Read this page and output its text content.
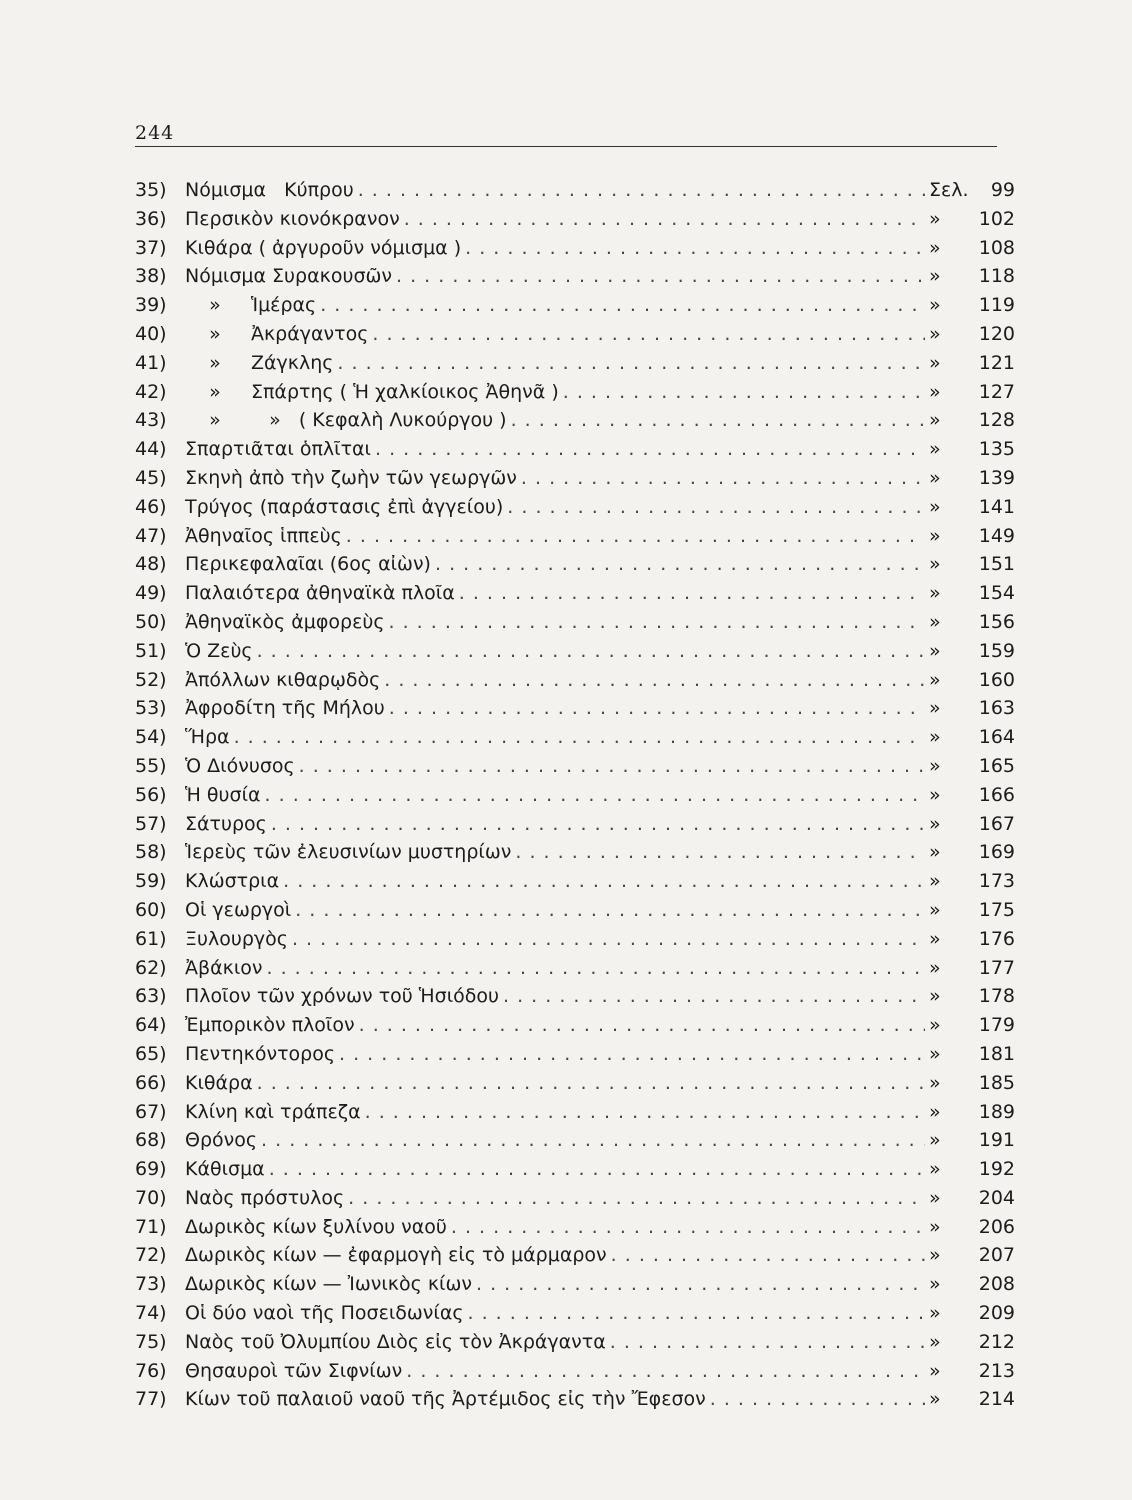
244
35) Νόμισμα   Κύπρου . . .	Σελ.	99
36) Περσικὸν κιονόκρανον . . .	»	102
37) Κιθάρα ( ἀργυροῦν νόμισμα ) . . .	»	108
38) Νόμισμα Συρακουσῶν . . .	»	118
39) »     Ἱμέρας . . .	»	119
40) »     Ἀκράγαντος . . .	»	120
41) »     Ζάγκλης . . .	»	121
42) »     Σπάρτης ( Ἡ χαλκίοικος Ἀθηνᾶ ) . . .	»	127
43) »        »   ( Κεφαλὴ Λυκούργου ) . . .	»	128
44) Σπαρτιᾶται ὁπλῖται . . .	»	135
45) Σκηνὴ ἀπὸ τὴν ζωὴν τῶν γεωργῶν . . .	»	139
46) Τρύγος (παράστασις ἐπὶ ἀγγείου) . . .	»	141
47) Ἀθηναῖος ἱππεὺς . . .	»	149
48) Περικεφαλαῖαι (6ος αἰὼν) . . .	»	151
49) Παλαιότερα ἀθηναϊκὰ πλοῖα . . .	»	154
50) Ἀθηναϊκὸς ἀμφορεὺς . . .	»	156
51) Ὁ Ζεὺς . . .	»	159
52) Ἀπόλλων κιθαρῳδὸς . . .	»	160
53) Ἀφροδίτη τῆς Μήλου . . .	»	163
54) Ἥρα . . .	»	164
55) Ὁ Διόνυσος . . .	»	165
56) Ἡ θυσία . . .	»	166
57) Σάτυρος . . .	»	167
58) Ἱερεὺς τῶν ἐλευσινίων μυστηρίων . . .	»	169
59) Κλώστρια . . .	»	173
60) Οἱ γεωργοὶ . . .	»	175
61) Ξυλουργὸς . . .	»	176
62) Ἀβάκιον . . .	»	177
63) Πλοῖον τῶν χρόνων τοῦ Ἡσιόδου . . .	»	178
64) Ἐμπορικὸν πλοῖον . . .	»	179
65) Πεντηκόντορος . . .	»	181
66) Κιθάρα . . .	»	185
67) Κλίνη καὶ τράπεζα . . .	»	189
68) Θρόνος . . .	»	191
69) Κάθισμα . . .	»	192
70) Ναὸς πρόστυλος . . .	»	204
71) Δωρικὸς κίων ξυλίνου ναοῦ . . .	»	206
72) Δωρικὸς κίων — ἐφαρμογὴ εἰς τὸ μάρμαρον . . .	»	207
73) Δωρικὸς κίων — Ἰωνικὸς κίων . . .	»	208
74) Οἱ δύο ναοὶ τῆς Ποσειδωνίας . . .	»	209
75) Ναὸς τοῦ Ὀλυμπίου Διὸς εἰς τὸν Ἀκράγαντα . . .	»	212
76) Θησαυροὶ τῶν Σιφνίων . . .	»	213
77) Κίων τοῦ παλαιοῦ ναοῦ τῆς Ἀρτέμιδος εἰς τὴν Ἔφεσον . . .	»	214
